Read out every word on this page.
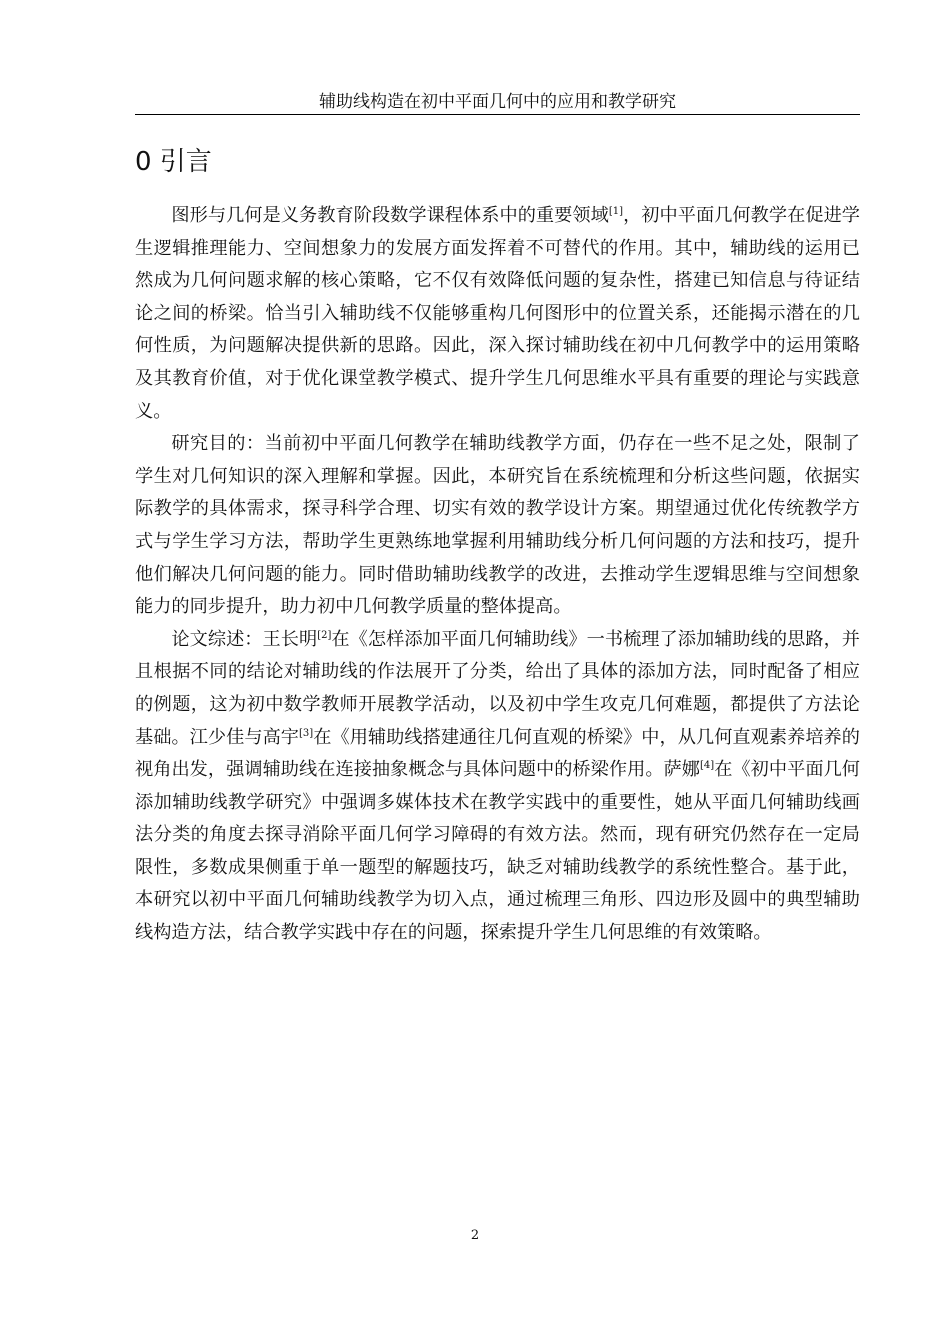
辅助线构造在初中平面几何中的应用和教学研究
0 引言

图形与几何是义务教育阶段数学课程体系中的重要领域[1]，初中平面几何教学在促进学生逻辑推理能力、空间想象力的发展方面发挥着不可替代的作用。其中，辅助线的运用已然成为几何问题求解的核心策略，它不仅有效降低问题的复杂性，搭建已知信息与待证结论之间的桥梁。恰当引入辅助线不仅能够重构几何图形中的位置关系，还能揭示潜在的几何性质，为问题解决提供新的思路。因此，深入探讨辅助线在初中几何教学中的运用策略及其教育价值，对于优化课堂教学模式、提升学生几何思维水平具有重要的理论与实践意义。

研究目的：当前初中平面几何教学在辅助线教学方面，仍存在一些不足之处，限制了学生对几何知识的深入理解和掌握。因此，本研究旨在系统梳理和分析这些问题，依据实际教学的具体需求，探寻科学合理、切实有效的教学设计方案。期望通过优化传统教学方式与学生学习方法，帮助学生更熟练地掌握利用辅助线分析几何问题的方法和技巧，提升他们解决几何问题的能力。同时借助辅助线教学的改进，去推动学生逻辑思维与空间想象能力的同步提升，助力初中几何教学质量的整体提高。

论文综述：王长明[2]在《怎样添加平面几何辅助线》一书梳理了添加辅助线的思路，并且根据不同的结论对辅助线的作法展开了分类，给出了具体的添加方法，同时配备了相应的例题，这为初中数学教师开展教学活动，以及初中学生攻克几何难题，都提供了方法论基础。江少佳与高宇[3]在《用辅助线搭建通往几何直观的桥梁》中，从几何直观素养培养的视角出发，强调辅助线在连接抽象概念与具体问题中的桥梁作用。萨娜[4]在《初中平面几何添加辅助线教学研究》中强调多媒体技术在教学实践中的重要性，她从平面几何辅助线画法分类的角度去探寻消除平面几何学习障碍的有效方法。然而，现有研究仍然存在一定局限性，多数成果侧重于单一题型的解题技巧，缺乏对辅助线教学的系统性整合。基于此，本研究以初中平面几何辅助线教学为切入点，通过梳理三角形、四边形及圆中的典型辅助线构造方法，结合教学实践中存在的问题，探索提升学生几何思维的有效策略。

2
